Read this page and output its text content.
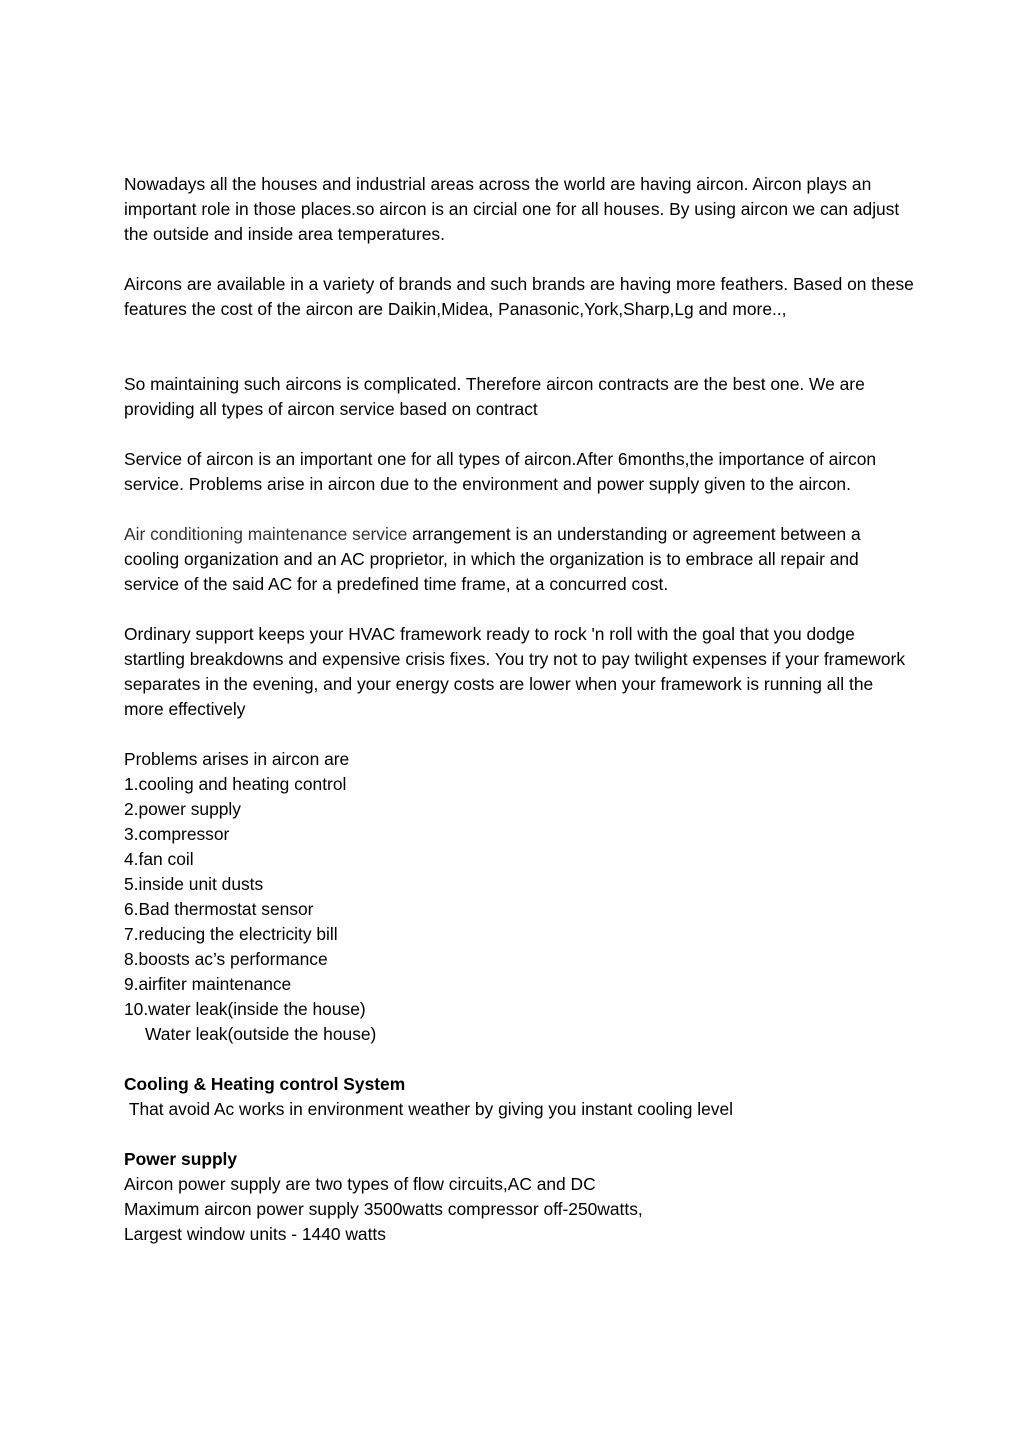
Nowadays all the houses and industrial areas across the world are having aircon. Aircon plays an important role in those places.so aircon is an circial one for all houses. By using aircon we can adjust the outside and inside area temperatures.

Aircons are available in a variety of brands and such brands are having more feathers. Based on these features the cost of the aircon are Daikin,Midea, Panasonic,York,Sharp,Lg and more..,

So maintaining such aircons is complicated. Therefore aircon contracts are the best one. We are providing all types of aircon service based on contract

Service of aircon is an important one for all types of aircon.After 6months,the importance of aircon service. Problems arise in aircon due to the environment and power supply given to the aircon.

Air conditioning maintenance service arrangement is an understanding or agreement between a cooling organization and an AC proprietor, in which the organization is to embrace all repair and service of the said AC for a predefined time frame, at a concurred cost.

Ordinary support keeps your HVAC framework ready to rock 'n roll with the goal that you dodge startling breakdowns and expensive crisis fixes. You try not to pay twilight expenses if your framework separates in the evening, and your energy costs are lower when your framework is running all the more effectively

Problems arises in aircon are

1.cooling and heating control
2.power supply
3.compressor
4.fan coil
5.inside unit dusts
6.Bad thermostat sensor
7.reducing the electricity bill
8.boosts ac’s performance
9.airfiter maintenance
10.water leak(inside the house)
Water leak(outside the house)

Cooling & Heating control System

That avoid Ac works in environment weather by giving you instant cooling level

Power supply

Aircon power supply are two types of flow circuits,AC and DC

Maximum aircon power supply 3500watts compressor off-250watts,

Largest window units - 1440 watts
